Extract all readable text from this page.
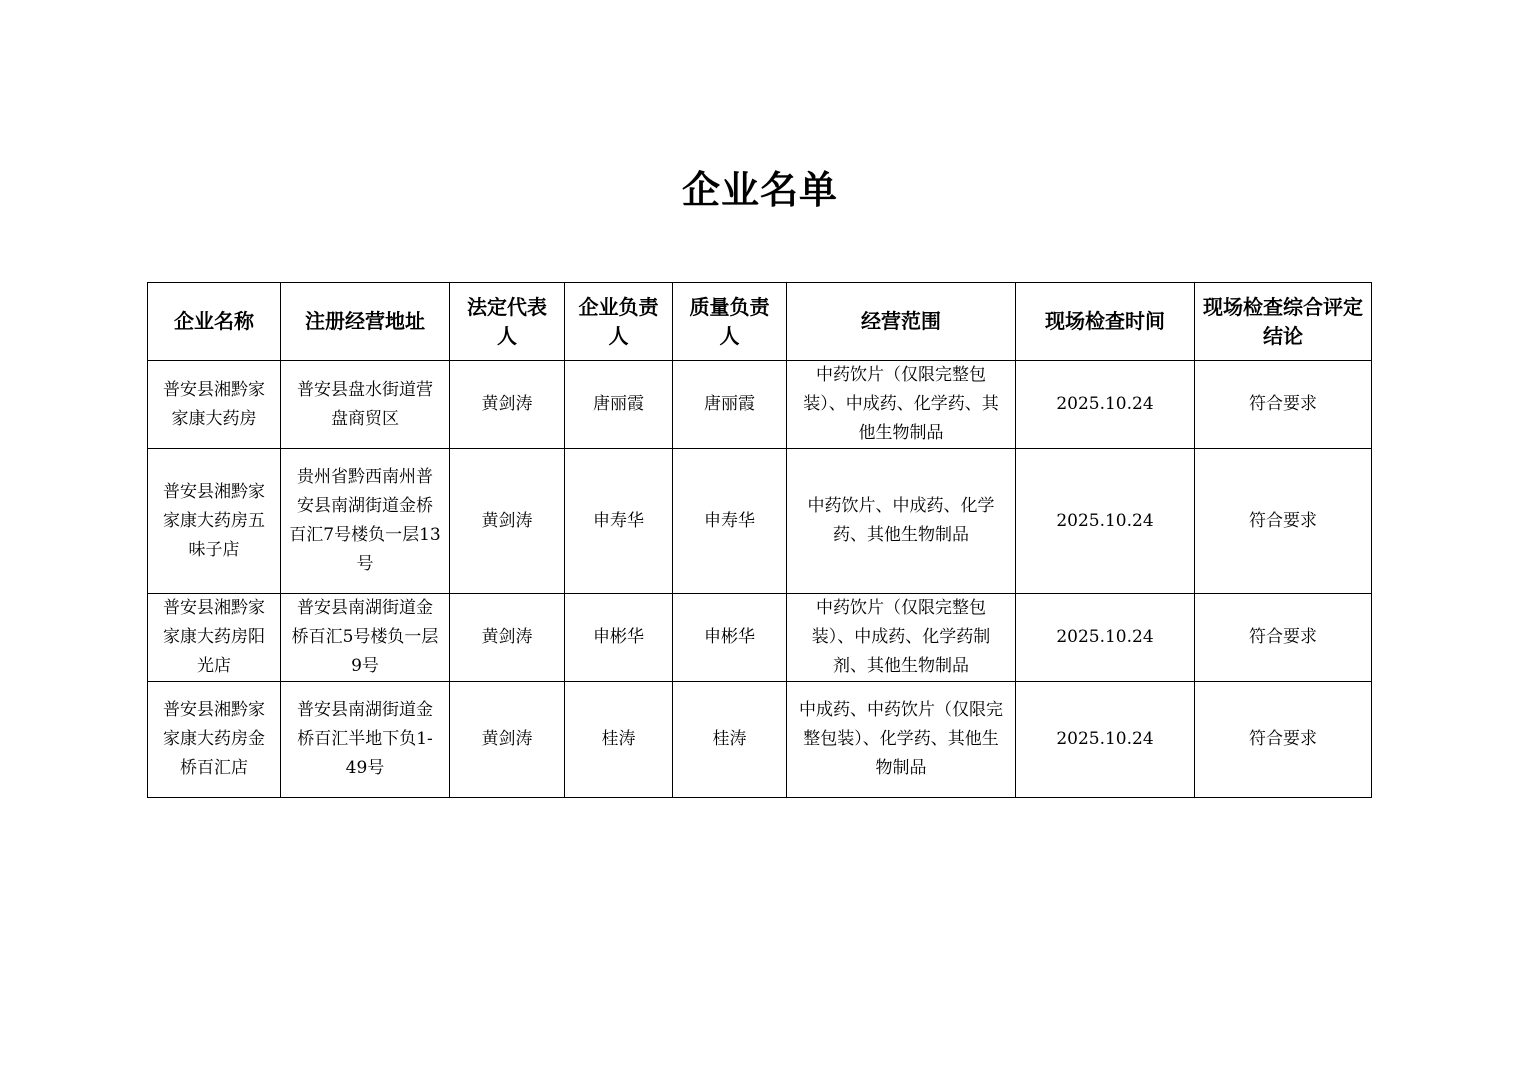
企业名单
企业名称	注册经营地址	法定代表人	企业负责人	质量负责人	经营范围	现场检查时间	现场检查综合评定结论
普安县湘黔家家康大药房	普安县盘水街道营盘商贸区	黄剑涛	唐丽霞	唐丽霞	中药饮片（仅限完整包装）、中成药、化学药、其他生物制品	2025.10.24	符合要求
普安县湘黔家家康大药房五味子店	贵州省黔西南州普安县南湖街道金桥百汇7号楼负一层13号	黄剑涛	申寿华	申寿华	中药饮片、中成药、化学药、其他生物制品	2025.10.24	符合要求
普安县湘黔家家康大药房阳光店	普安县南湖街道金桥百汇5号楼负一层9号	黄剑涛	申彬华	申彬华	中药饮片（仅限完整包装）、中成药、化学药制剂、其他生物制品	2025.10.24	符合要求
普安县湘黔家家康大药房金桥百汇店	普安县南湖街道金桥百汇半地下负1-49号	黄剑涛	桂涛	桂涛	中成药、中药饮片（仅限完整包装）、化学药、其他生物制品	2025.10.24	符合要求
